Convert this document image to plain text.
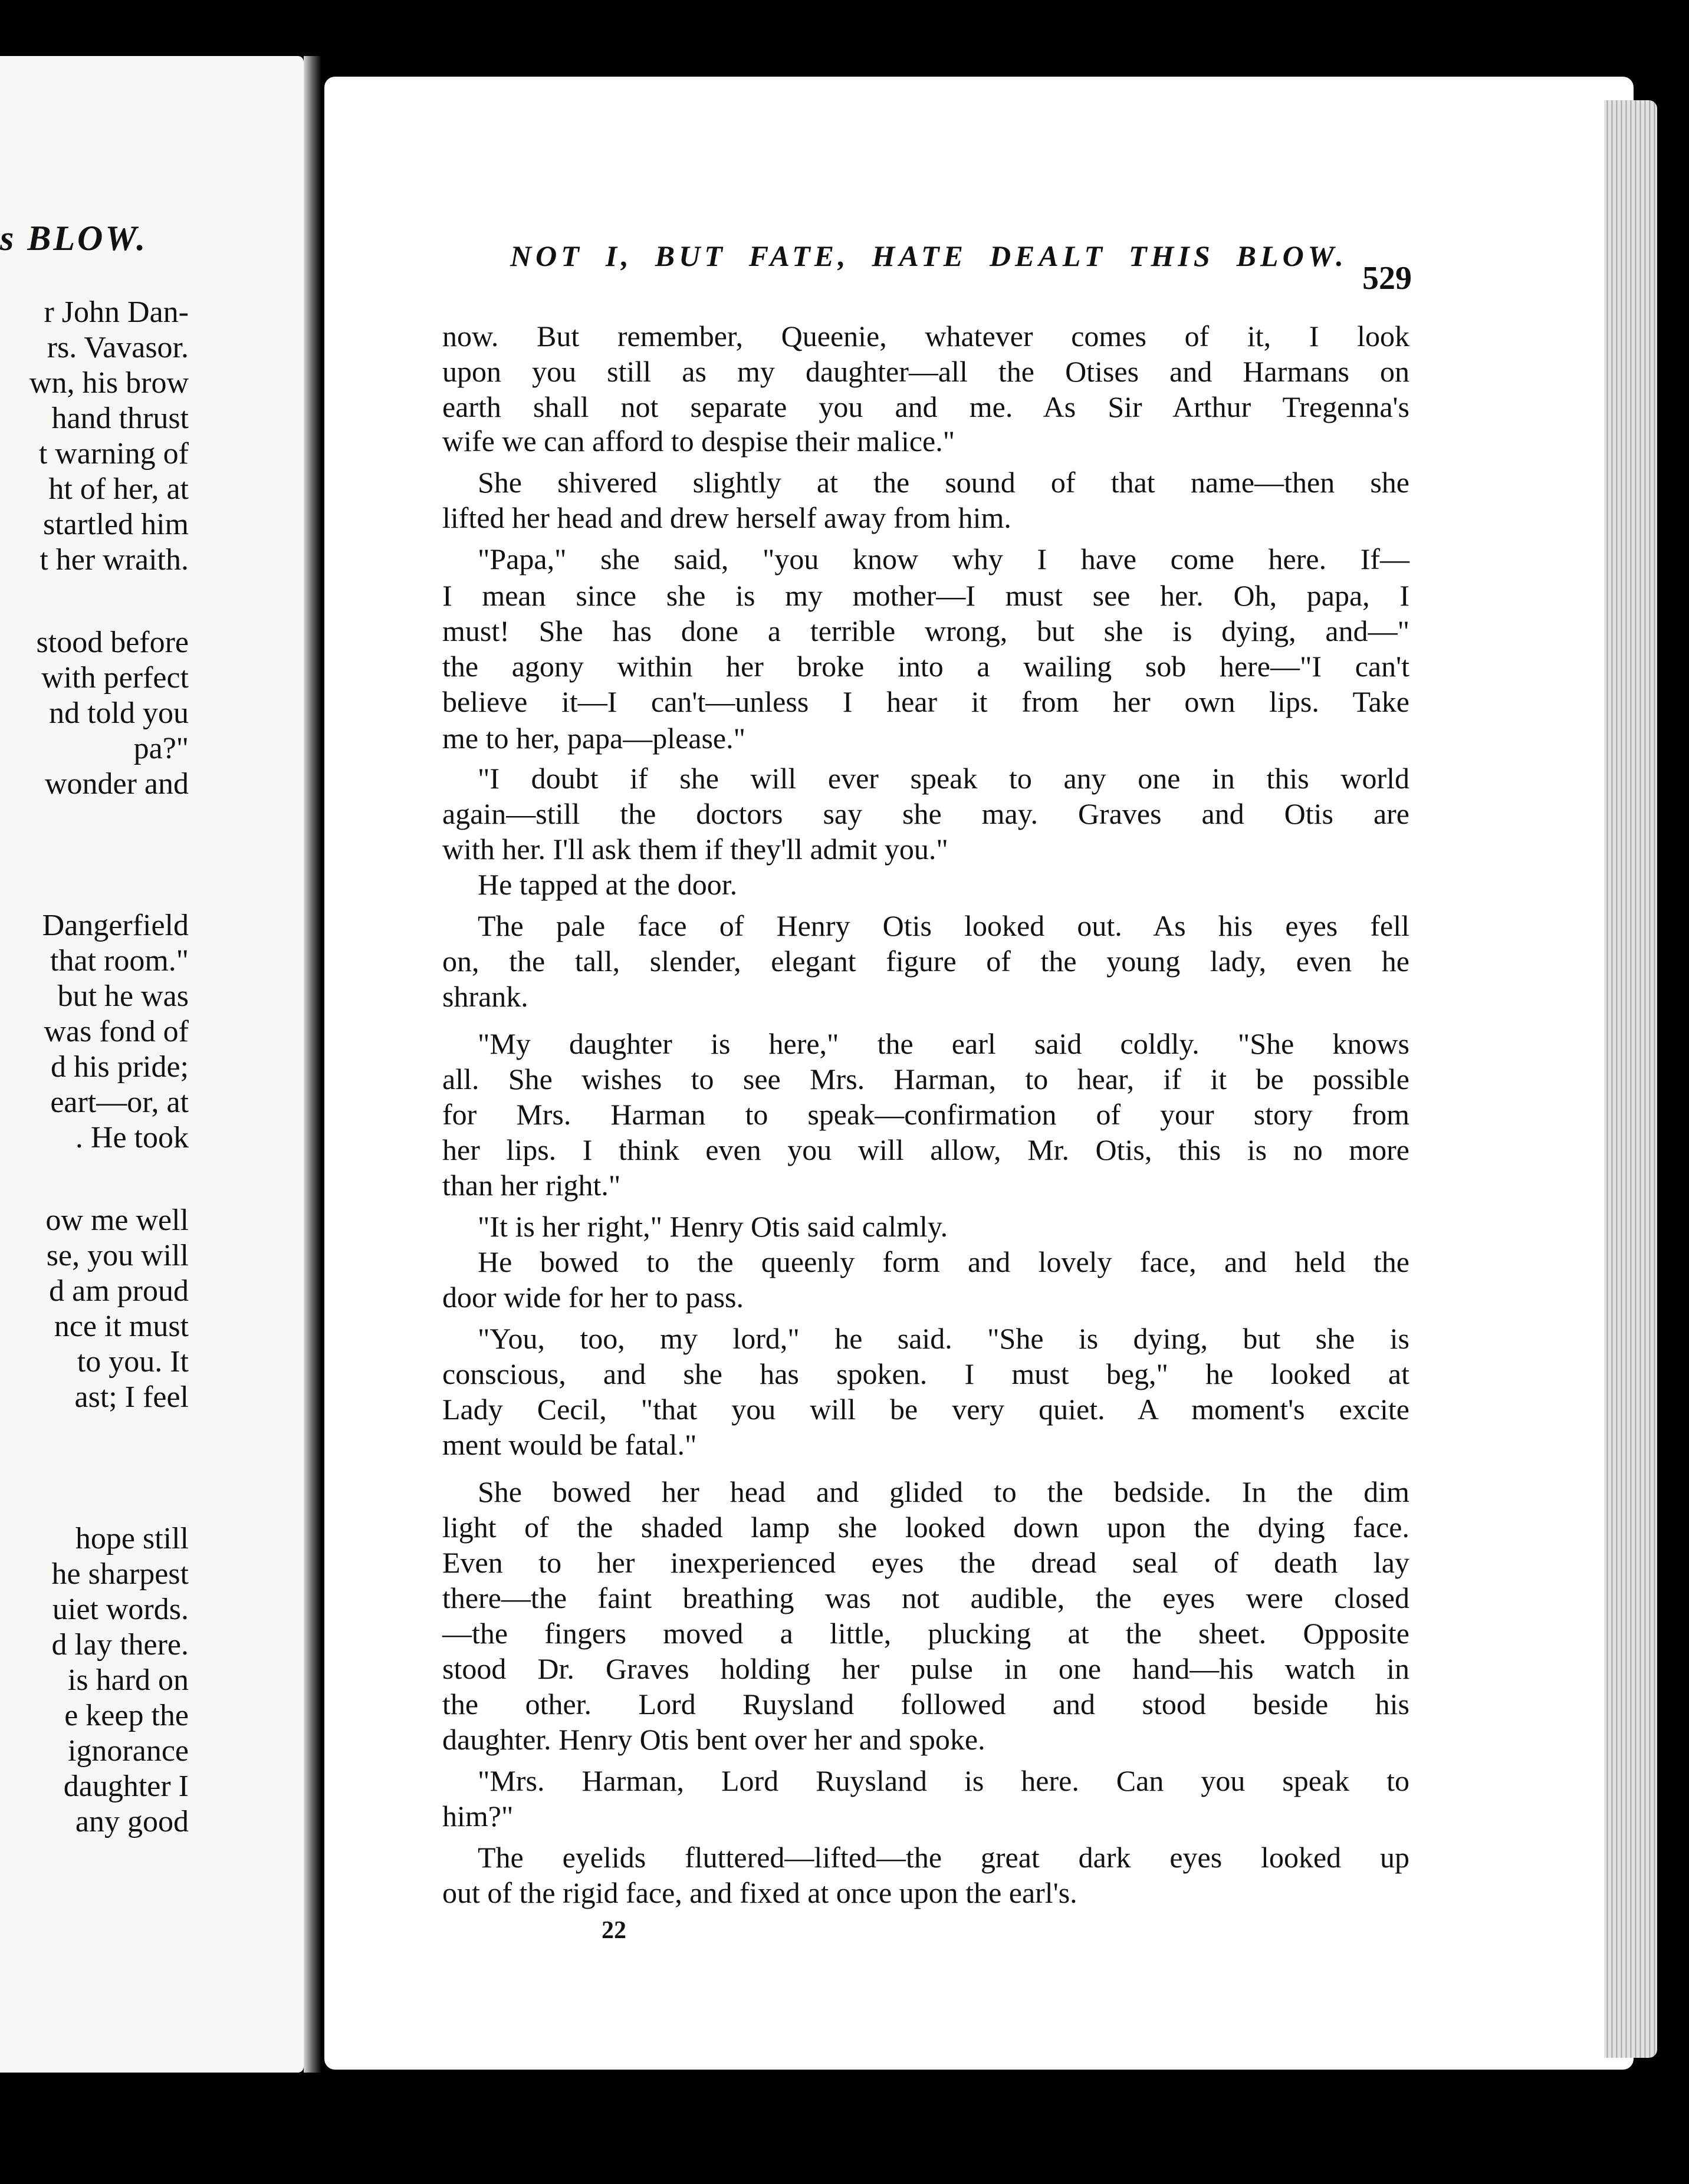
s BLOW.
r John Dan-
rs. Vavasor.
wn, his brow
hand thrust
t warning of
ht of her, at
startled him
t her wraith.
stood before
with perfect
nd told you
pa?"
wonder and
Dangerfield
that room."
but he was
was fond of
d his pride;
eart—or, at
. He took
ow me well
se, you will
d am proud
nce it must
to you. It
ast; I feel
hope still
he sharpest
uiet words.
d lay there.
is hard on
e keep the
ignorance
daughter I
any good
NOT I, BUT FATE, HATE DEALT THIS BLOW.
529
now. But remember, Queenie, whatever comes of it, I look
upon you still as my daughter—all the Otises and Harmans on
earth shall not separate you and me. As Sir Arthur Tregenna's
wife we can afford to despise their malice."
She shivered slightly at the sound of that name—then she
lifted her head and drew herself away from him.
"Papa," she said, "you know why I have come here. If—
I mean since she is my mother—I must see her. Oh, papa, I
must! She has done a terrible wrong, but she is dying, and—"
the agony within her broke into a wailing sob here—"I can't
believe it—I can't—unless I hear it from her own lips. Take
me to her, papa—please."
"I doubt if she will ever speak to any one in this world
again—still the doctors say she may. Graves and Otis are
with her. I'll ask them if they'll admit you."
He tapped at the door.
The pale face of Henry Otis looked out. As his eyes fell
on, the tall, slender, elegant figure of the young lady, even he
shrank.
"My daughter is here," the earl said coldly. "She knows
all. She wishes to see Mrs. Harman, to hear, if it be possible
for Mrs. Harman to speak—confirmation of your story from
her lips. I think even you will allow, Mr. Otis, this is no more
than her right."
"It is her right," Henry Otis said calmly.
He bowed to the queenly form and lovely face, and held the
door wide for her to pass.
"You, too, my lord," he said. "She is dying, but she is
conscious, and she has spoken. I must beg," he looked at
Lady Cecil, "that you will be very quiet. A moment's excite
ment would be fatal."
She bowed her head and glided to the bedside. In the dim
light of the shaded lamp she looked down upon the dying face.
Even to her inexperienced eyes the dread seal of death lay
there—the faint breathing was not audible, the eyes were closed
—the fingers moved a little, plucking at the sheet. Opposite
stood Dr. Graves holding her pulse in one hand—his watch in
the other. Lord Ruysland followed and stood beside his
daughter. Henry Otis bent over her and spoke.
"Mrs. Harman, Lord Ruysland is here. Can you speak to
him?"
The eyelids fluttered—lifted—the great dark eyes looked up
out of the rigid face, and fixed at once upon the earl's.
22
